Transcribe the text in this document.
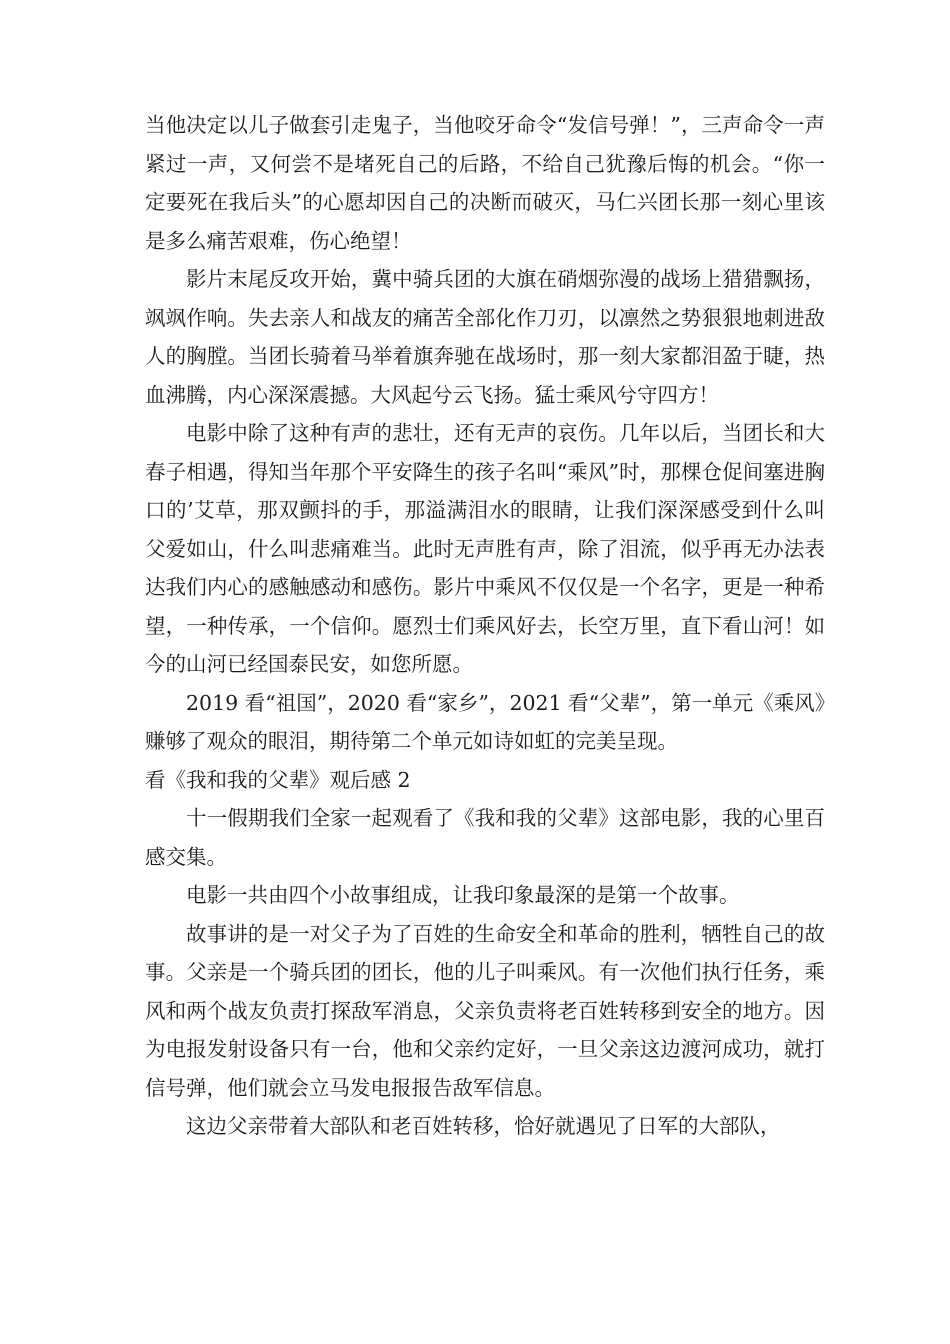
当他决定以儿子做套引走鬼子，当他咬牙命令“发信号弹！”，三声命令一声紧过一声，又何尝不是堵死自己的后路，不给自己犹豫后悔的机会。“你一定要死在我后头”的心愿却因自己的决断而破灭，马仁兴团长那一刻心里该是多么痛苦艰难，伤心绝望！

影片末尾反攻开始，冀中骑兵团的大旗在硝烟弥漫的战场上猎猎飘扬，飒飒作响。失去亲人和战友的痛苦全部化作刀刃，以凛然之势狠狠地刺进敌人的胸膛。当团长骑着马举着旗奔驰在战场时，那一刻大家都泪盈于睫，热血沸腾，内心深深震撼。大风起兮云飞扬。猛士乘风兮守四方！

电影中除了这种有声的悲壮，还有无声的哀伤。几年以后，当团长和大春子相遇，得知当年那个平安降生的孩子名叫“乘风”时，那棵仓促间塞进胸口的’艾草，那双颤抖的手，那溢满泪水的眼睛，让我们深深感受到什么叫父爱如山，什么叫悲痛难当。此时无声胜有声，除了泪流，似乎再无办法表达我们内心的感触感动和感伤。影片中乘风不仅仅是一个名字，更是一种希望，一种传承，一个信仰。愿烈士们乘风好去，长空万里，直下看山河！如今的山河已经国泰民安，如您所愿。

2019 看“祖国”，2020 看“家乡”，2021 看“父辈”，第一单元《乘风》赚够了观众的眼泪，期待第二个单元如诗如虹的完美呈现。

看《我和我的父辈》观后感 2

十一假期我们全家一起观看了《我和我的父辈》这部电影，我的心里百感交集。

电影一共由四个小故事组成，让我印象最深的是第一个故事。

故事讲的是一对父子为了百姓的生命安全和革命的胜利，牺牲自己的故事。父亲是一个骑兵团的团长，他的儿子叫乘风。有一次他们执行任务，乘风和两个战友负责打探敌军消息，父亲负责将老百姓转移到安全的地方。因为电报发射设备只有一台，他和父亲约定好，一旦父亲这边渡河成功，就打信号弹，他们就会立马发电报报告敌军信息。

这边父亲带着大部队和老百姓转移，恰好就遇见了日军的大部队，
